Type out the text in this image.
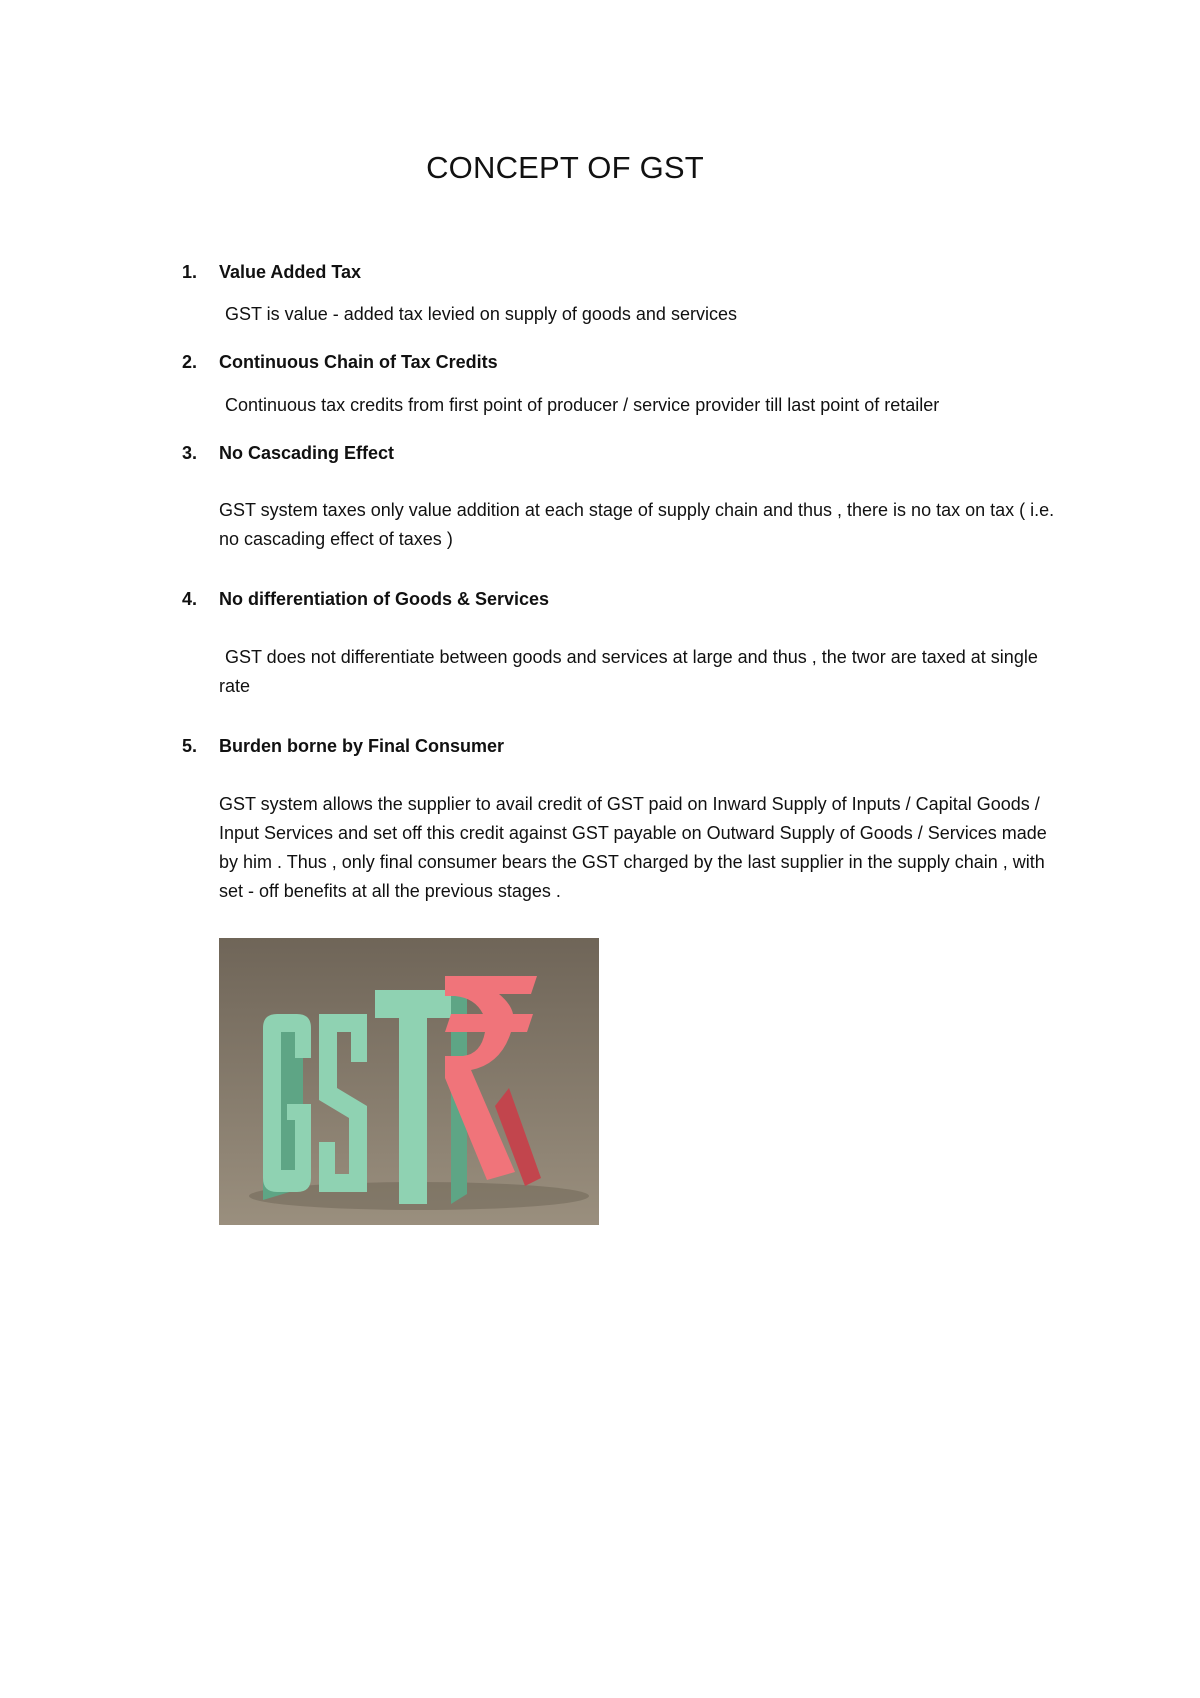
CONCEPT OF GST
1.	Value Added Tax
GST is value - added tax levied on supply of goods and services
2.	Continuous Chain of Tax Credits
Continuous tax credits from first point of producer / service provider till last point of retailer
3.	No Cascading Effect
GST system taxes only value addition at each stage of supply chain and thus , there is no tax on tax ( i.e. no cascading effect of taxes )
4.	No differentiation of Goods & Services
GST does not differentiate between goods and services at large and thus , the twor are taxed at single rate
5.	Burden borne by Final Consumer
GST system allows the supplier to avail credit of GST paid on Inward Supply of Inputs / Capital Goods / Input Services and set off this credit against GST payable on Outward Supply of Goods / Services made by him . Thus , only final consumer bears the GST charged by the last supplier in the supply chain , with set - off benefits at all the previous stages .
